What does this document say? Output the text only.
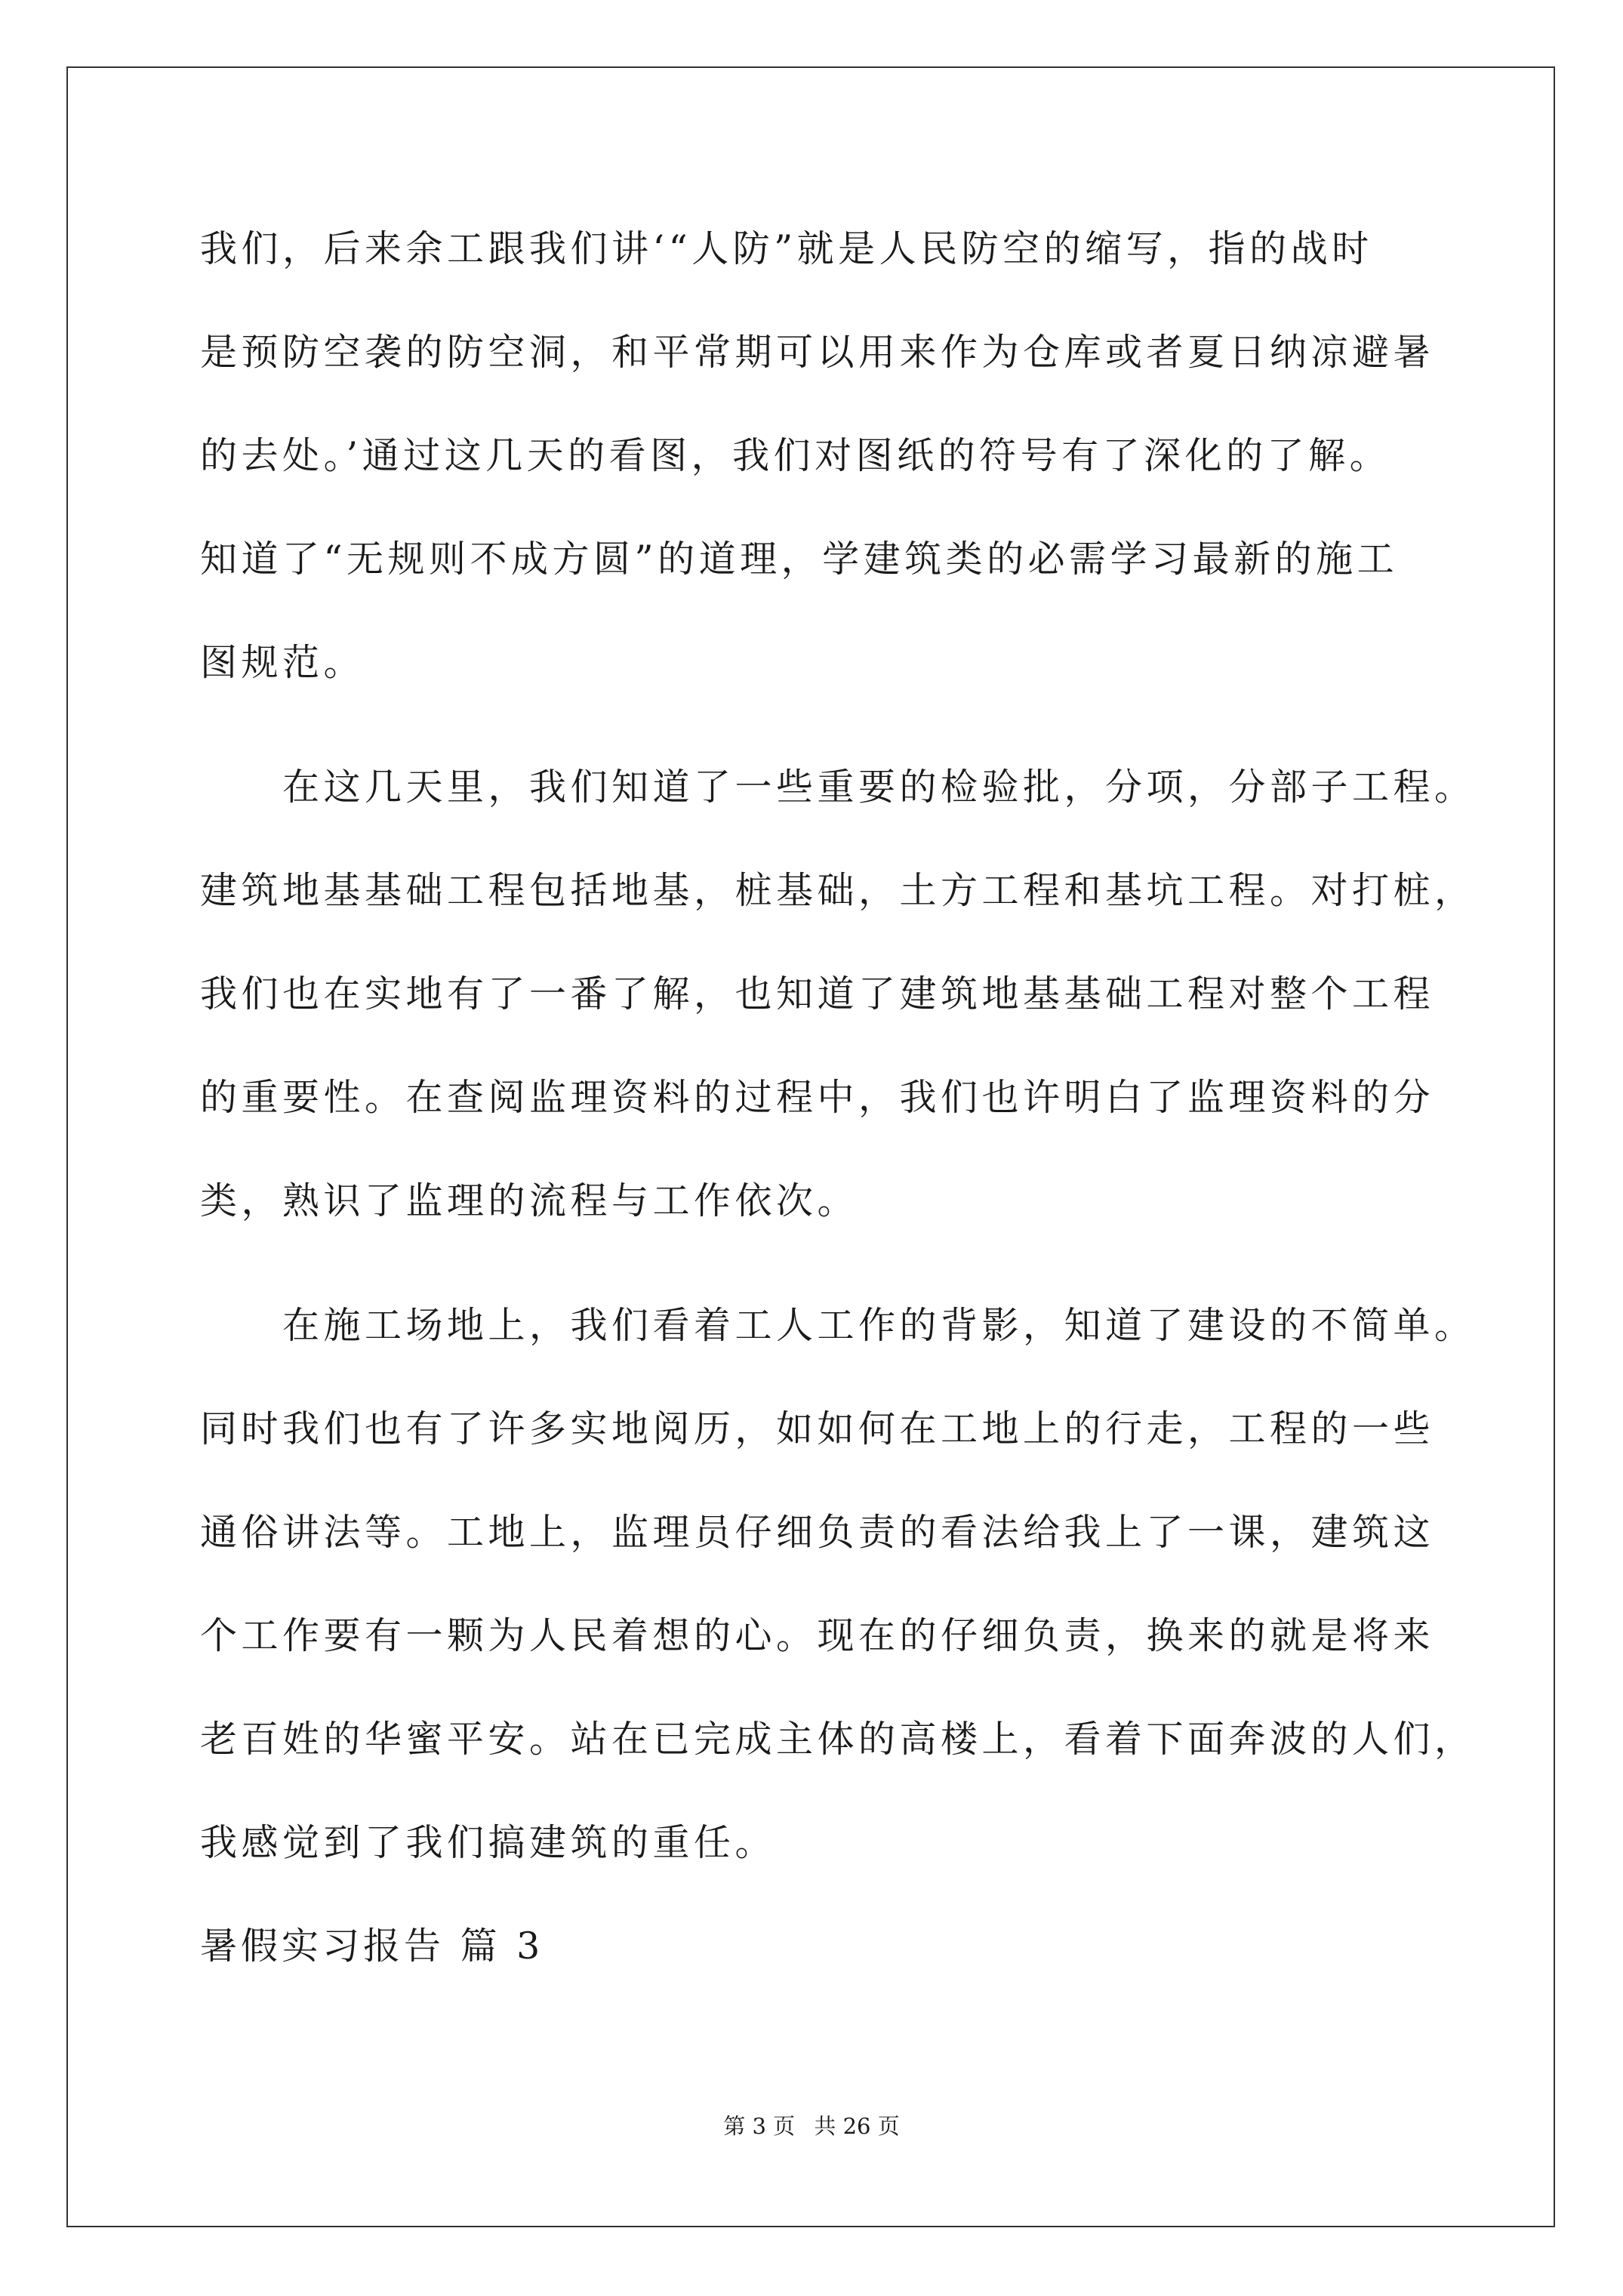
我们，后来余工跟我们讲‘“人防”就是人民防空的缩写，指的战时
是预防空袭的防空洞，和平常期可以用来作为仓库或者夏日纳凉避暑
的去处。’通过这几天的看图，我们对图纸的符号有了深化的了解。
知道了“无规则不成方圆”的道理，学建筑类的必需学习最新的施工
图规范。
在这几天里，我们知道了一些重要的检验批，分项，分部子工程。
建筑地基基础工程包括地基，桩基础，土方工程和基坑工程。对打桩，
我们也在实地有了一番了解，也知道了建筑地基基础工程对整个工程
的重要性。在查阅监理资料的过程中，我们也许明白了监理资料的分
类，熟识了监理的流程与工作依次。
在施工场地上，我们看着工人工作的背影，知道了建设的不简单。
同时我们也有了许多实地阅历，如如何在工地上的行走，工程的一些
通俗讲法等。工地上，监理员仔细负责的看法给我上了一课，建筑这
个工作要有一颗为人民着想的心。现在的仔细负责，换来的就是将来
老百姓的华蜜平安。站在已完成主体的高楼上，看着下面奔波的人们，
我感觉到了我们搞建筑的重任。
暑假实习报告 篇 3
第 3 页 共 26 页
